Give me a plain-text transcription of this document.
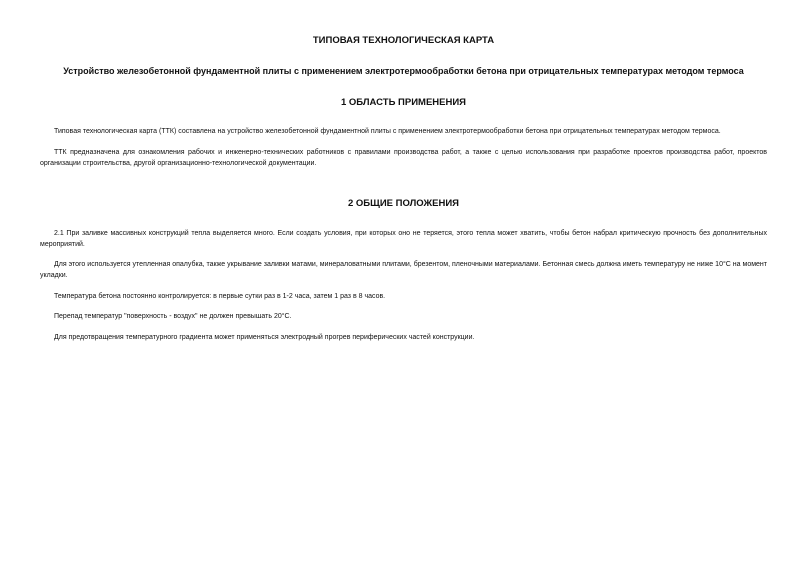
ТИПОВАЯ ТЕХНОЛОГИЧЕСКАЯ КАРТА
Устройство железобетонной фундаментной плиты с применением электротермообработки бетона при отрицательных температурах методом термоса
1 ОБЛАСТЬ ПРИМЕНЕНИЯ

Типовая технологическая карта (ТТК) составлена на устройство железобетонной фундаментной плиты с применением электротермообработки бетона при отрицательных температурах методом термоса.

ТТК предназначена для ознакомления рабочих и инженерно-технических работников с правилами производства работ, а также с целью использования при разработке проектов производства работ, проектов организации строительства, другой организационно-технологической документации.

2 ОБЩИЕ ПОЛОЖЕНИЯ

2.1 При заливке массивных конструкций тепла выделяется много. Если создать условия, при которых оно не теряется, этого тепла может хватить, чтобы бетон набрал критическую прочность без дополнительных мероприятий.

Для этого используется утепленная опалубка, также укрывание заливки матами, минераловатными плитами, брезентом, пленочными материалами. Бетонная смесь должна иметь температуру не ниже 10°С на момент укладки.

Температура бетона постоянно контролируется: в первые сутки раз в 1-2 часа, затем 1 раз в 8 часов.

Перепад температур "поверхность - воздух" не должен превышать 20°С.

Для предотвращения температурного градиента может применяться электродный прогрев периферических частей конструкции.
